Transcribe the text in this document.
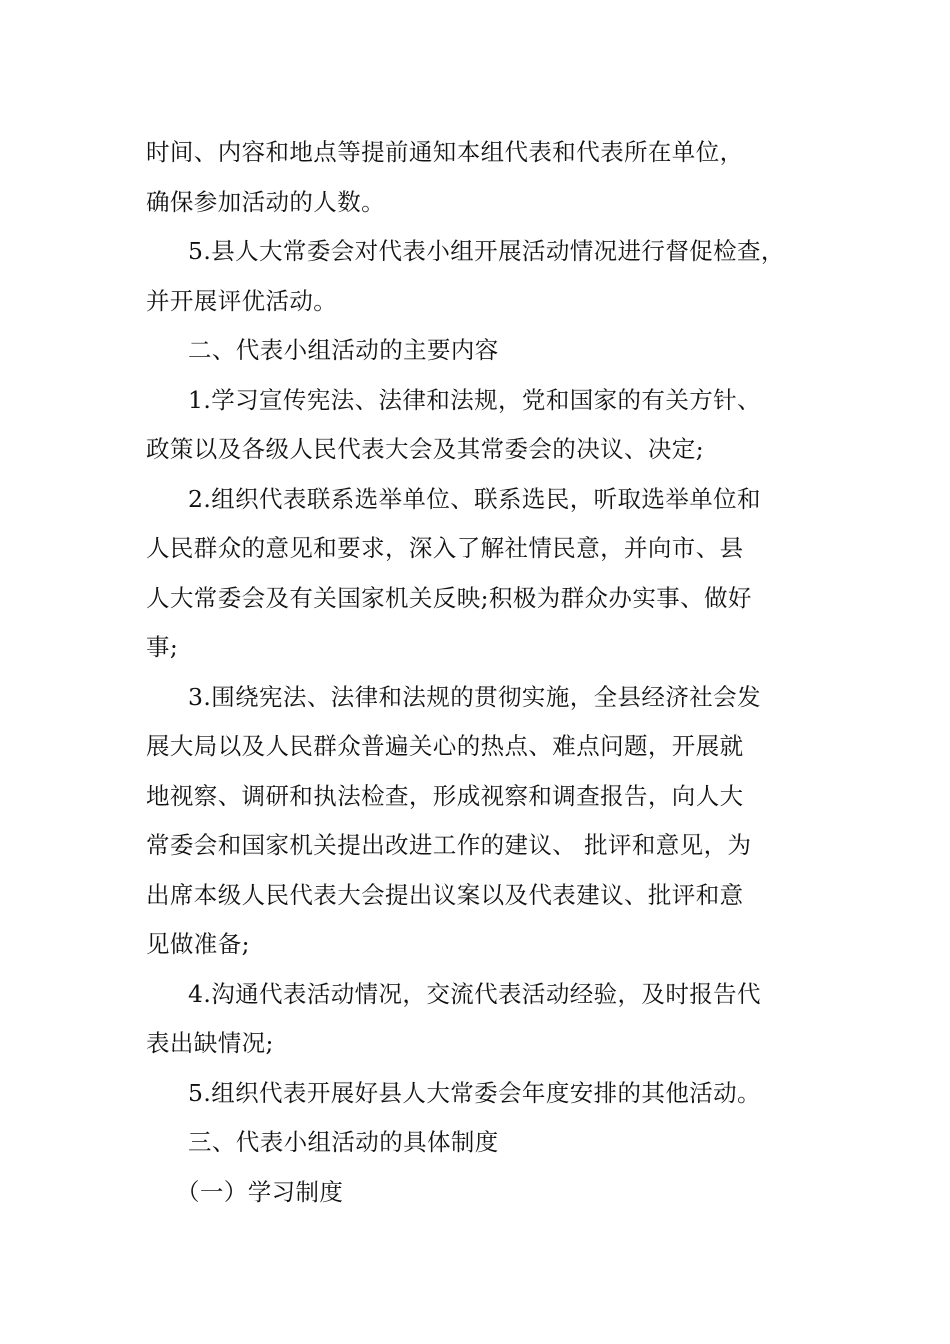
时间、内容和地点等提前通知本组代表和代表所在单位，
确保参加活动的人数。
5.县人大常委会对代表小组开展活动情况进行督促检查，
并开展评优活动。
二、代表小组活动的主要内容
1.学习宣传宪法、法律和法规，党和国家的有关方针、
政策以及各级人民代表大会及其常委会的决议、决定;
2.组织代表联系选举单位、联系选民，听取选举单位和
人民群众的意见和要求，深入了解社情民意，并向市、县
人大常委会及有关国家机关反映;积极为群众办实事、做好
事;
3.围绕宪法、法律和法规的贯彻实施，全县经济社会发
展大局以及人民群众普遍关心的热点、难点问题，开展就
地视察、调研和执法检查，形成视察和调查报告，向人大
常委会和国家机关提出改进工作的建议、 批评和意见，为
出席本级人民代表大会提出议案以及代表建议、批评和意
见做准备;
4.沟通代表活动情况，交流代表活动经验，及时报告代
表出缺情况;
5.组织代表开展好县人大常委会年度安排的其他活动。
三、代表小组活动的具体制度
（一）学习制度
